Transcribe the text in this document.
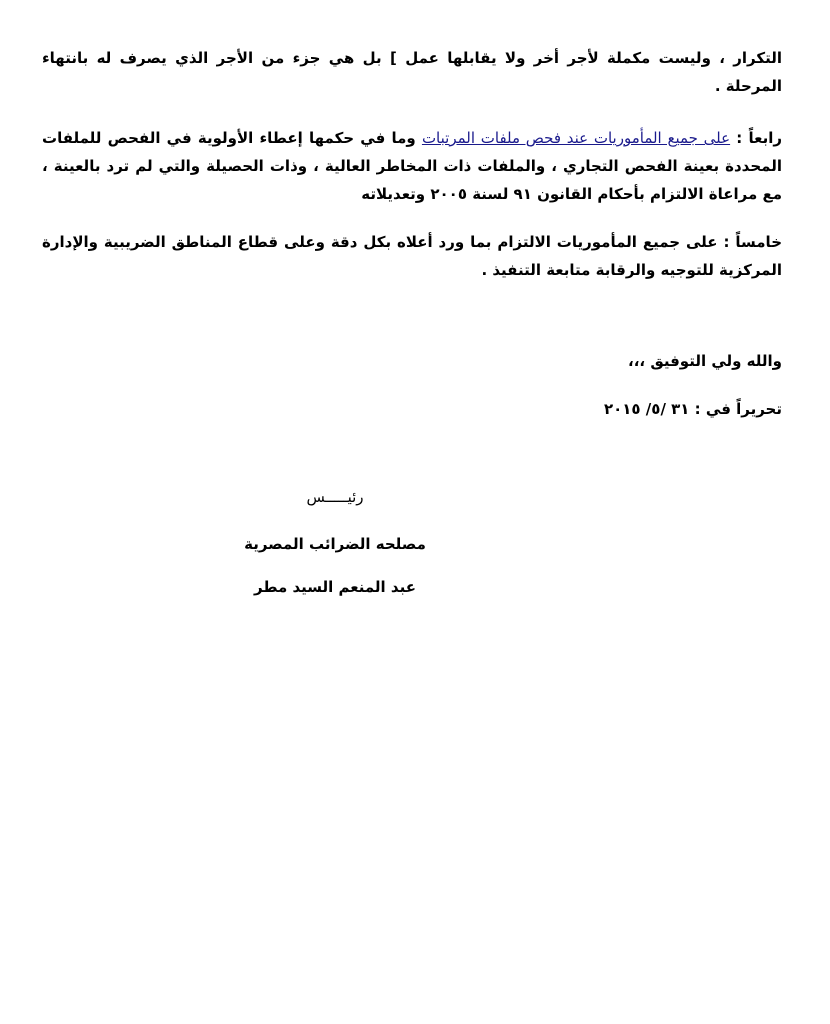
التكرار ، وليست مكملة لأجر أخر ولا يقابلها عمل ] بل هي جزء من الأجر الذي يصرف له بانتهاء المرحلة .

رابعاً : على جميع المأموريات عند فحص ملفات المرتبات وما في حكمها إعطاء الأولوية في الفحص للملفات المحددة بعينة الفحص التجاري ، والملفات ذات المخاطر العالية ، وذات الحصيلة والتي لم ترد بالعينة ، مع مراعاة الالتزام بأحكام القانون ٩١ لسنة ٢٠٠٥ وتعديلاته

خامساً : على جميع المأموريات الالتزام بما ورد أعلاه بكل دقة وعلى قطاع المناطق الضريبية والإدارة المركزية للتوجيه والرقابة متابعة التنفيذ .

والله ولي التوفيق ،،،
تحريراً في : ٣١ /٥/ ٢٠١٥
رئيـــــس
مصلحه الضرائب المصرية
عبد المنعم السيد مطر
